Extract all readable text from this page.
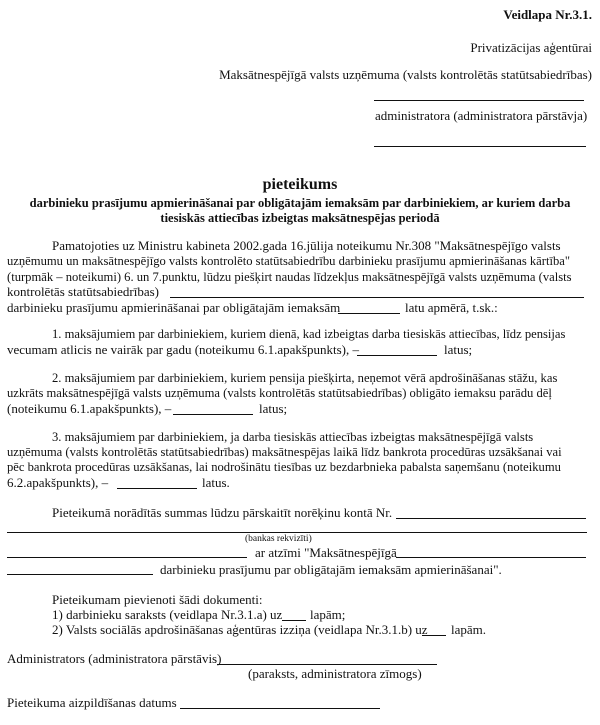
Veidlapa Nr.3.1.
Privatizācijas aģentūrai
Maksātnespējīgā valsts uzņēmuma (valsts kontrolētās statūtsabiedrības)
administratora (administratora pārstāvja)
pieteikums
darbinieku prasījumu apmierināšanai par obligātajām iemaksām par darbiniekiem, ar kuriem darba
tiesiskās attiecības izbeigtas maksātnespējas periodā
Pamatojoties uz Ministru kabineta 2002.gada 16.jūlija noteikumu Nr.308 "Maksātnespējīgo valsts
uzņēmumu un maksātnespējīgo valsts kontrolēto statūtsabiedrību darbinieku prasījumu apmierināšanas kārtība"
(turpmāk – noteikumi) 6. un 7.punktu, lūdzu piešķirt naudas līdzekļus maksātnespējīgā valsts uzņēmuma (valsts
kontrolētās statūtsabiedrības)
darbinieku prasījumu apmierināšanai par obligātajām iemaksām	latu apmērā, t.sk.:
1. maksājumiem par darbiniekiem, kuriem dienā, kad izbeigtas darba tiesiskās attiecības, līdz pensijas
vecumam atlicis ne vairāk par gadu (noteikumu 6.1.apakšpunkts), –	latus;
2. maksājumiem par darbiniekiem, kuriem pensija piešķirta, neņemot vērā apdrošināšanas stāžu, kas
uzkrāts maksātnespējīgā valsts uzņēmuma (valsts kontrolētās statūtsabiedrības) obligāto iemaksu parādu dēļ
(noteikumu 6.1.apakšpunkts), –	latus;
3. maksājumiem par darbiniekiem, ja darba tiesiskās attiecības izbeigtas maksātnespējīgā valsts
uzņēmuma (valsts kontrolētās statūtsabiedrības) maksātnespējas laikā līdz bankrota procedūras uzsākšanai vai
pēc bankrota procedūras uzsākšanas, lai nodrošinātu tiesības uz bezdarbnieka pabalsta saņemšanu (noteikumu
6.2.apakšpunkts), –	latus.
Pieteikumā norādītās summas lūdzu pārskaitīt norēķinu kontā Nr.
(bankas rekvizīti)
ar atzīmi "Maksātnespējīgā
darbinieku prasījumu par obligātajām iemaksām apmierināšanai".
Pieteikumam pievienoti šādi dokumenti:
1) darbinieku saraksts (veidlapa Nr.3.1.a) uz lapām;
2) Valsts sociālās apdrošināšanas aģentūras izziņa (veidlapa Nr.3.1.b) uz lapām.
Administrators (administratora pārstāvis)
(paraksts, administratora zīmogs)
Pieteikuma aizpildīšanas datums
